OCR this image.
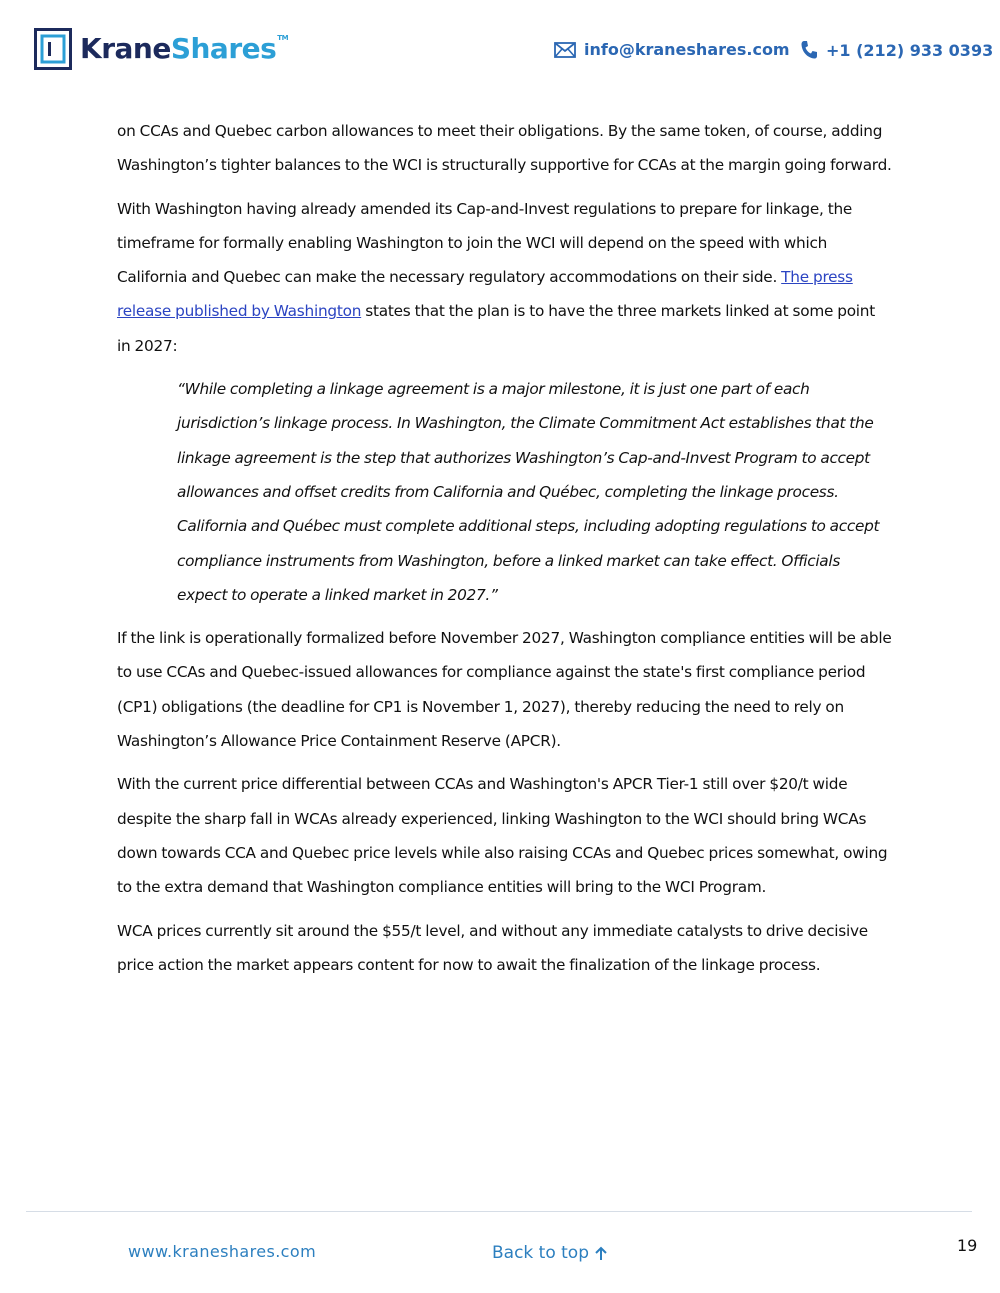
KraneShares™
info@kraneshares.com +1 (212) 933 0393

on CCAs and Quebec carbon allowances to meet their obligations. By the same token, of course, adding Washington’s tighter balances to the WCI is structurally supportive for CCAs at the margin going forward.

With Washington having already amended its Cap-and-Invest regulations to prepare for linkage, the timeframe for formally enabling Washington to join the WCI will depend on the speed with which California and Quebec can make the necessary regulatory accommodations on their side. The press release published by Washington states that the plan is to have the three markets linked at some point in 2027:

“While completing a linkage agreement is a major milestone, it is just one part of each jurisdiction’s linkage process. In Washington, the Climate Commitment Act establishes that the linkage agreement is the step that authorizes Washington’s Cap-and-Invest Program to accept allowances and offset credits from California and Québec, completing the linkage process. California and Québec must complete additional steps, including adopting regulations to accept compliance instruments from Washington, before a linked market can take effect. Officials expect to operate a linked market in 2027.”

If the link is operationally formalized before November 2027, Washington compliance entities will be able to use CCAs and Quebec-issued allowances for compliance against the state's first compliance period (CP1) obligations (the deadline for CP1 is November 1, 2027), thereby reducing the need to rely on Washington’s Allowance Price Containment Reserve (APCR).

With the current price differential between CCAs and Washington's APCR Tier-1 still over $20/t wide despite the sharp fall in WCAs already experienced, linking Washington to the WCI should bring WCAs down towards CCA and Quebec price levels while also raising CCAs and Quebec prices somewhat, owing to the extra demand that Washington compliance entities will bring to the WCI Program.

WCA prices currently sit around the $55/t level, and without any immediate catalysts to drive decisive price action the market appears content for now to await the finalization of the linkage process.

www.kraneshares.com	Back to top	19
